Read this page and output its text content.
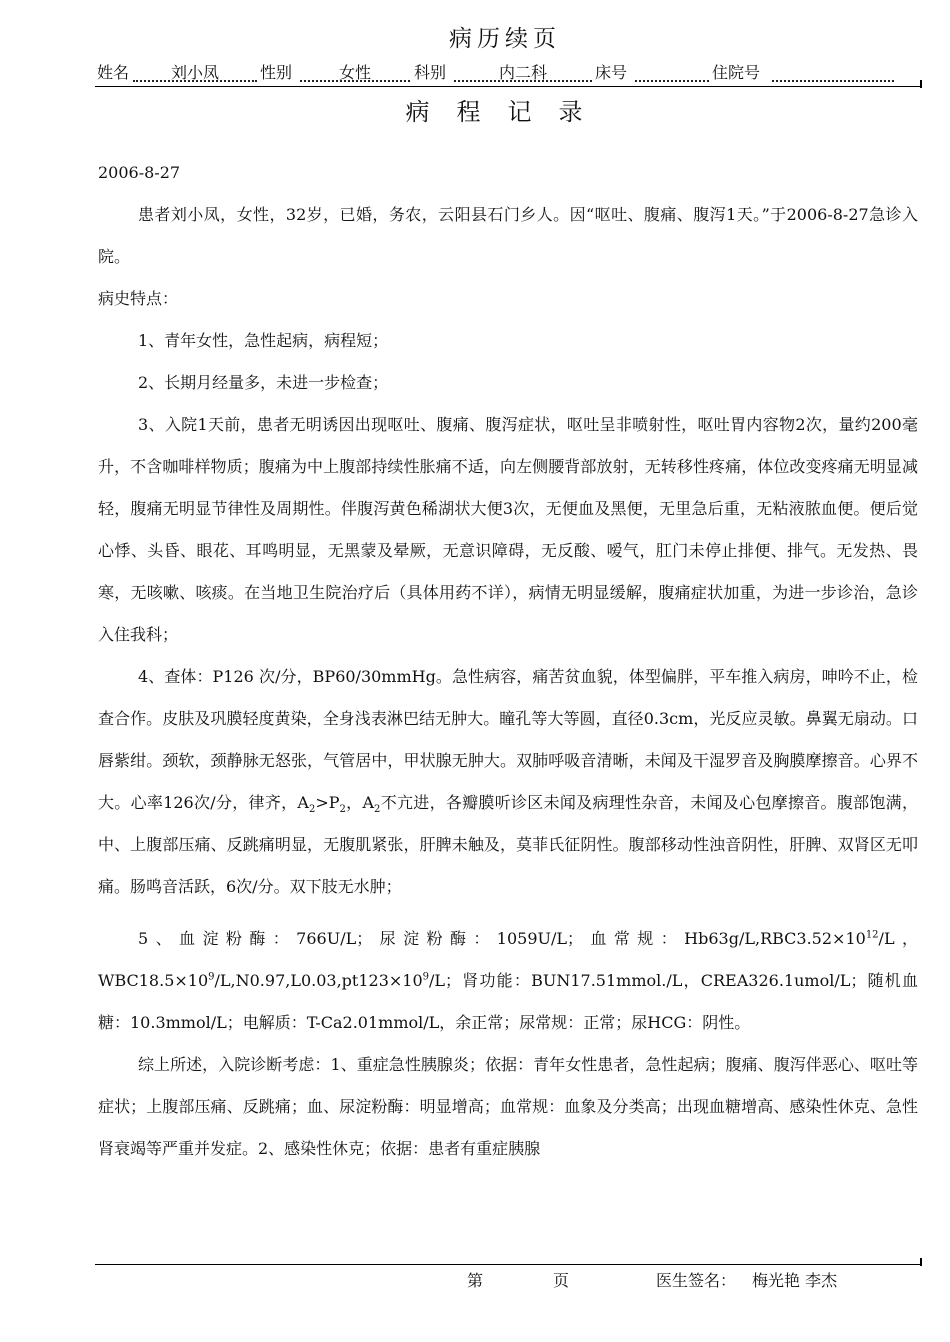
病历续页
姓名	刘小凤	性别	女性	科别	内二科	床号	住院号
病程记录

2006-8-27

患者刘小凤，女性，32岁，已婚，务农，云阳县石门乡人。因“呕吐、腹痛、腹泻1天。”于2006-8-27急诊入院。

病史特点：

1、青年女性，急性起病，病程短；

2、长期月经量多，未进一步检查；

3、入院1天前，患者无明诱因出现呕吐、腹痛、腹泻症状，呕吐呈非喷射性，呕吐胃内容物2次，量约200毫升，不含咖啡样物质；腹痛为中上腹部持续性胀痛不适，向左侧腰背部放射，无转移性疼痛，体位改变疼痛无明显减轻，腹痛无明显节律性及周期性。伴腹泻黄色稀湖状大便3次，无便血及黑便，无里急后重，无粘液脓血便。便后觉心悸、头昏、眼花、耳鸣明显，无黑蒙及晕厥，无意识障碍，无反酸、嗳气，肛门未停止排便、排气。无发热、畏寒，无咳嗽、咳痰。在当地卫生院治疗后（具体用药不详），病情无明显缓解，腹痛症状加重，为进一步诊治，急诊入住我科；

4、查体：P126 次/分，BP60/30mmHg。急性病容，痛苦贫血貌，体型偏胖，平车推入病房，呻吟不止，检查合作。皮肤及巩膜轻度黄染，全身浅表淋巴结无肿大。瞳孔等大等圆，直径0.3cm，光反应灵敏。鼻翼无扇动。口唇紫绀。颈软，颈静脉无怒张，气管居中，甲状腺无肿大。双肺呼吸音清晰，未闻及干湿罗音及胸膜摩擦音。心界不大。心率126次/分，律齐，$A_2>P_2$，$A_2$不亢进，各瓣膜听诊区未闻及病理性杂音，未闻及心包摩擦音。腹部饱满，中、上腹部压痛、反跳痛明显，无腹肌紧张，肝脾未触及，莫菲氏征阴性。腹部移动性浊音阴性，肝脾、双肾区无叩痛。肠鸣音活跃，6次/分。双下肢无水肿；

5、血淀粉酶：766U/L；尿淀粉酶：1059U/L；血常规：$Hb63g/L,RBC3.52\times 10^{12}/L$，$WBC18.5\times 10^9/L,N0.97,L0.03,pt123\times 10^9/L$；肾功能：BUN17.51mmol./L，CREA326.1umol/L；随机血糖：10.3mmol/L；电解质：T-Ca2.01mmol/L，余正常；尿常规：正常；尿HCG：阴性。

综上所述，入院诊断考虑：1、重症急性胰腺炎；依据：青年女性患者，急性起病；腹痛、腹泻伴恶心、呕吐等症状；上腹部压痛、反跳痛；血、尿淀粉酶：明显增高；血常规：血象及分类高；出现血糖增高、感染性休克、急性肾衰竭等严重并发症。2、感染性休克；依据：患者有重症胰腺

第	页	医生签名： 梅光艳 李杰
